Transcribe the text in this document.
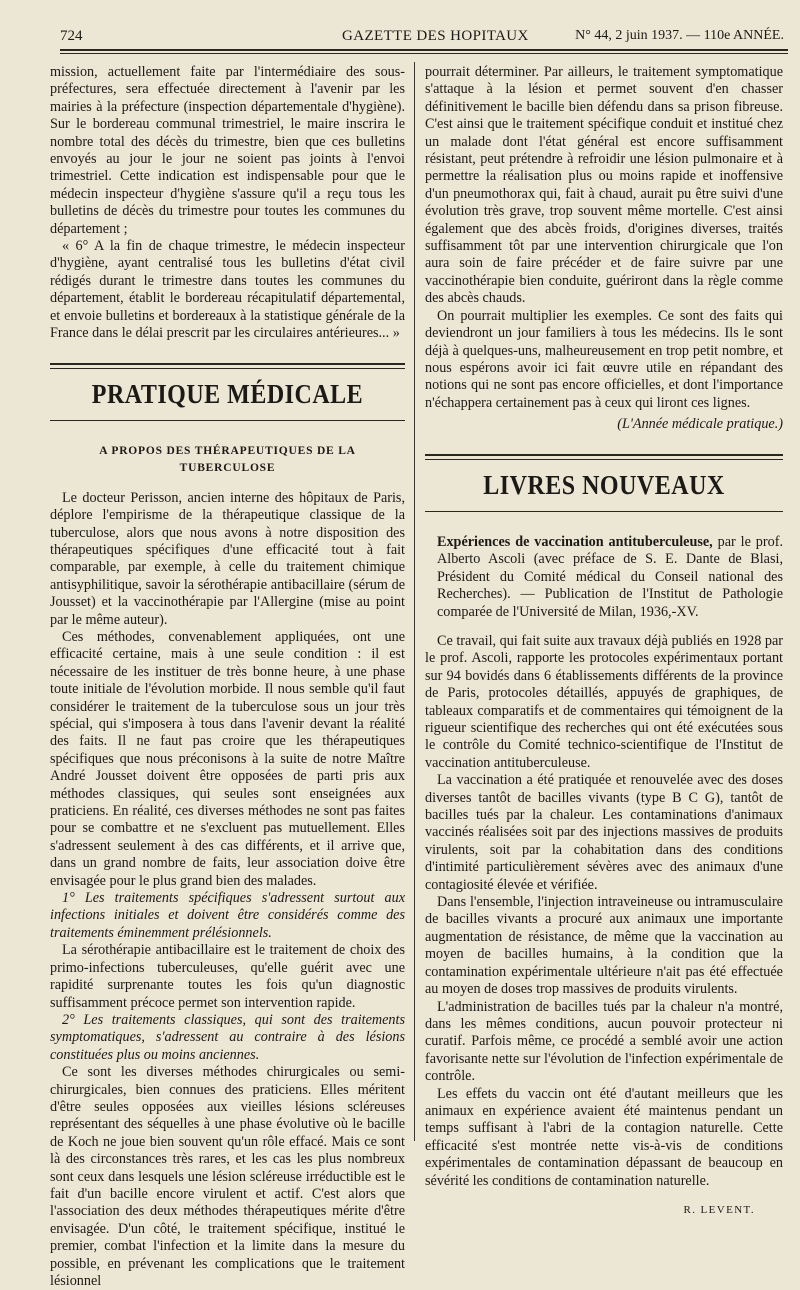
724	GAZETTE DES HOPITAUX	N° 44, 2 juin 1937. — 110e ANNÉE.

mission, actuellement faite par l'intermédiaire des sous-préfectures, sera effectuée directement à l'avenir par les mairies à la préfecture (inspection départementale d'hygiène). Sur le bordereau communal trimestriel, le maire inscrira le nombre total des décès du trimestre, bien que ces bulletins envoyés au jour le jour ne soient pas joints à l'envoi trimestriel. Cette indication est indispensable pour que le médecin inspecteur d'hygiène s'assure qu'il a reçu tous les bulletins de décès du trimestre pour toutes les communes du département ;

« 6° A la fin de chaque trimestre, le médecin inspecteur d'hygiène, ayant centralisé tous les bulletins d'état civil rédigés durant le trimestre dans toutes les communes du département, établit le bordereau récapitulatif départemental, et envoie bulletins et bordereaux à la statistique générale de la France dans le délai prescrit par les circulaires antérieures... »

PRATIQUE MÉDICALE
A PROPOS DES THÉRAPEUTIQUES DE LA TUBERCULOSE

Le docteur Perisson, ancien interne des hôpitaux de Paris, déplore l'empirisme de la thérapeutique classique de la tuberculose, alors que nous avons à notre disposition des thérapeutiques spécifiques d'une efficacité tout à fait comparable, par exemple, à celle du traitement chimique antisyphilitique, savoir la sérothérapie antibacillaire (sérum de Jousset) et la vaccinothérapie par l'Allergine (mise au point par le même auteur).

Ces méthodes, convenablement appliquées, ont une efficacité certaine, mais à une seule condition : il est nécessaire de les instituer de très bonne heure, à une phase toute initiale de l'évolution morbide. Il nous semble qu'il faut considérer le traitement de la tuberculose sous un jour très spécial, qui s'imposera à tous dans l'avenir devant la réalité des faits. Il ne faut pas croire que les thérapeutiques spécifiques que nous préconisons à la suite de notre Maître André Jousset doivent être opposées de parti pris aux méthodes classiques, qui seules sont enseignées aux praticiens. En réalité, ces diverses méthodes ne sont pas faites pour se combattre et ne s'excluent pas mutuellement. Elles s'adressent seulement à des cas différents, et il arrive que, dans un grand nombre de faits, leur association doive être envisagée pour le plus grand bien des malades.

1° Les traitements spécifiques s'adressent surtout aux infections initiales et doivent être considérés comme des traitements éminemment prélésionnels.

La sérothérapie antibacillaire est le traitement de choix des primo-infections tuberculeuses, qu'elle guérit avec une rapidité surprenante toutes les fois qu'un diagnostic suffisamment précoce permet son intervention rapide.

2° Les traitements classiques, qui sont des traitements symptomatiques, s'adressent au contraire à des lésions constituées plus ou moins anciennes.

Ce sont les diverses méthodes chirurgicales ou semi-chirurgicales, bien connues des praticiens. Elles méritent d'être seules opposées aux vieilles lésions scléreuses représentant des séquelles à une phase évolutive où le bacille de Koch ne joue bien souvent qu'un rôle effacé. Mais ce sont là des circonstances très rares, et les cas les plus nombreux sont ceux dans lesquels une lésion scléreuse irréductible est le fait d'un bacille encore virulent et actif. C'est alors que l'association des deux méthodes thérapeutiques mérite d'être envisagée. D'un côté, le traitement spécifique, institué le premier, combat l'infection et la limite dans la mesure du possible, en prévenant les complications que le traitement lésionnel

pourrait déterminer. Par ailleurs, le traitement symptomatique s'attaque à la lésion et permet souvent d'en chasser définitivement le bacille bien défendu dans sa prison fibreuse. C'est ainsi que le traitement spécifique conduit et institué chez un malade dont l'état général est encore suffisamment résistant, peut prétendre à refroidir une lésion pulmonaire et à permettre la réalisation plus ou moins rapide et inoffensive d'un pneumothorax qui, fait à chaud, aurait pu être suivi d'une évolution très grave, trop souvent même mortelle. C'est ainsi également que des abcès froids, d'origines diverses, traités suffisamment tôt par une intervention chirurgicale que l'on aura soin de faire précéder et de faire suivre par une vaccinothérapie bien conduite, guériront dans la règle comme des abcès chauds.

On pourrait multiplier les exemples. Ce sont des faits qui deviendront un jour familiers à tous les médecins. Ils le sont déjà à quelques-uns, malheureusement en trop petit nombre, et nous espérons avoir ici fait œuvre utile en répandant des notions qui ne sont pas encore officielles, et dont l'importance n'échappera certainement pas à ceux qui liront ces lignes.

(L'Année médicale pratique.)
LIVRES NOUVEAUX

Expériences de vaccination antituberculeuse, par le prof. Alberto Ascoli (avec préface de S. E. Dante de Blasi, Président du Comité médical du Conseil national des Recherches). — Publication de l'Institut de Pathologie comparée de l'Université de Milan, 1936,-XV.

Ce travail, qui fait suite aux travaux déjà publiés en 1928 par le prof. Ascoli, rapporte les protocoles expérimentaux portant sur 94 bovidés dans 6 établissements différents de la province de Paris, protocoles détaillés, appuyés de graphiques, de tableaux comparatifs et de commentaires qui témoignent de la rigueur scientifique des recherches qui ont été exécutées sous le contrôle du Comité technico-scientifique de l'Institut de vaccination antituberculeuse.

La vaccination a été pratiquée et renouvelée avec des doses diverses tantôt de bacilles vivants (type B C G), tantôt de bacilles tués par la chaleur. Les contaminations d'animaux vaccinés réalisées soit par des injections massives de produits virulents, soit par la cohabitation dans des conditions d'intimité particulièrement sévères avec des animaux d'une contagiosité élevée et vérifiée.

Dans l'ensemble, l'injection intraveineuse ou intramusculaire de bacilles vivants a procuré aux animaux une importante augmentation de résistance, de même que la vaccination au moyen de bacilles humains, à la condition que la contamination expérimentale ultérieure n'ait pas été effectuée au moyen de doses trop massives de produits virulents.

L'administration de bacilles tués par la chaleur n'a montré, dans les mêmes conditions, aucun pouvoir protecteur ni curatif. Parfois même, ce procédé a semblé avoir une action favorisante nette sur l'évolution de l'infection expérimentale de contrôle.

Les effets du vaccin ont été d'autant meilleurs que les animaux en expérience avaient été maintenus pendant un temps suffisant à l'abri de la contagion naturelle. Cette efficacité s'est montrée nette vis-à-vis de conditions expérimentales de contamination dépassant de beaucoup en sévérité les conditions de contamination naturelle.

R. LEVENT.
